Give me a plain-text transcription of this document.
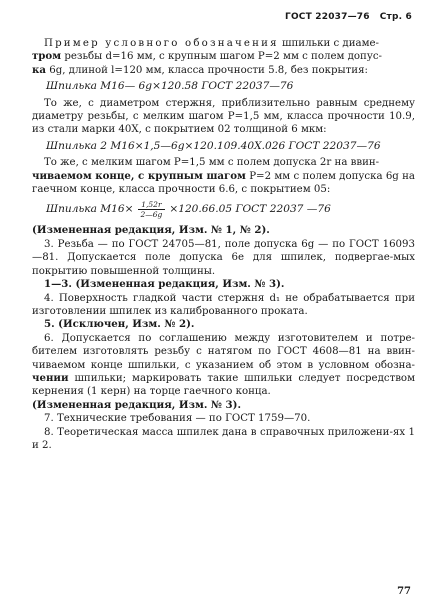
ГОСТ 22037—76 Стр. 6

Пример условного обозначения шпильки с диаме-
тром резьбы d=16 мм, с крупным шагом P=2 мм с полем допус-
ка 6g, длиной l=120 мм, класса прочности 5.8, без покрытия:

Шпилька М16— 6g×120.58 ГОСТ 22037—76

То же, с диаметром стержня, приблизительно равным среднему диаметру резьбы, с мелким шагом P=1,5 мм, класса прочности 10.9, из стали марки 40Х, с покрытием 02 толщиной 6 мкм:

Шпилька 2 М16×1,5—6g×120.109.40Х.026 ГОСТ 22037—76

То же, с мелким шагом P=1,5 мм с полем допуска 2r на ввин-
чиваемом конце, с крупным шагом P=2 мм с полем допуска 6g на гаечном конце, класса прочности 6.6, с покрытием 05:

Шпилька $М16\times \frac{1,52r}{2—6g} \times 120.66.05$ ГОСТ 22037 —76

(Измененная редакция, Изм. № 1, № 2).

3. Резьба — по ГОСТ 24705—81, поле допуска 6g — по ГОСТ 16093—81. Допускается поле допуска 6e для шпилек, подвергае-мых покрытию повышенной толщины.

1—3. (Измененная редакция, Изм. № 3).

4. Поверхность гладкой части стержня d₁ не обрабатывается при изготовлении шпилек из калиброванного проката.

5. (Исключен, Изм. № 2).

6. Допускается по соглашению между изготовителем и потре-бителем изготовлять резьбу с натягом по ГОСТ 4608—81 на ввин-чиваемом конце шпильки, с указанием об этом в условном обозна-чении шпильки; маркировать такие шпильки следует посредством кернения (1 керн) на торце гаечного конца.

(Измененная редакция, Изм. № 3).

7. Технические требования — по ГОСТ 1759—70.

8. Теоретическая масса шпилек дана в справочных приложени-ях 1 и 2.

77
